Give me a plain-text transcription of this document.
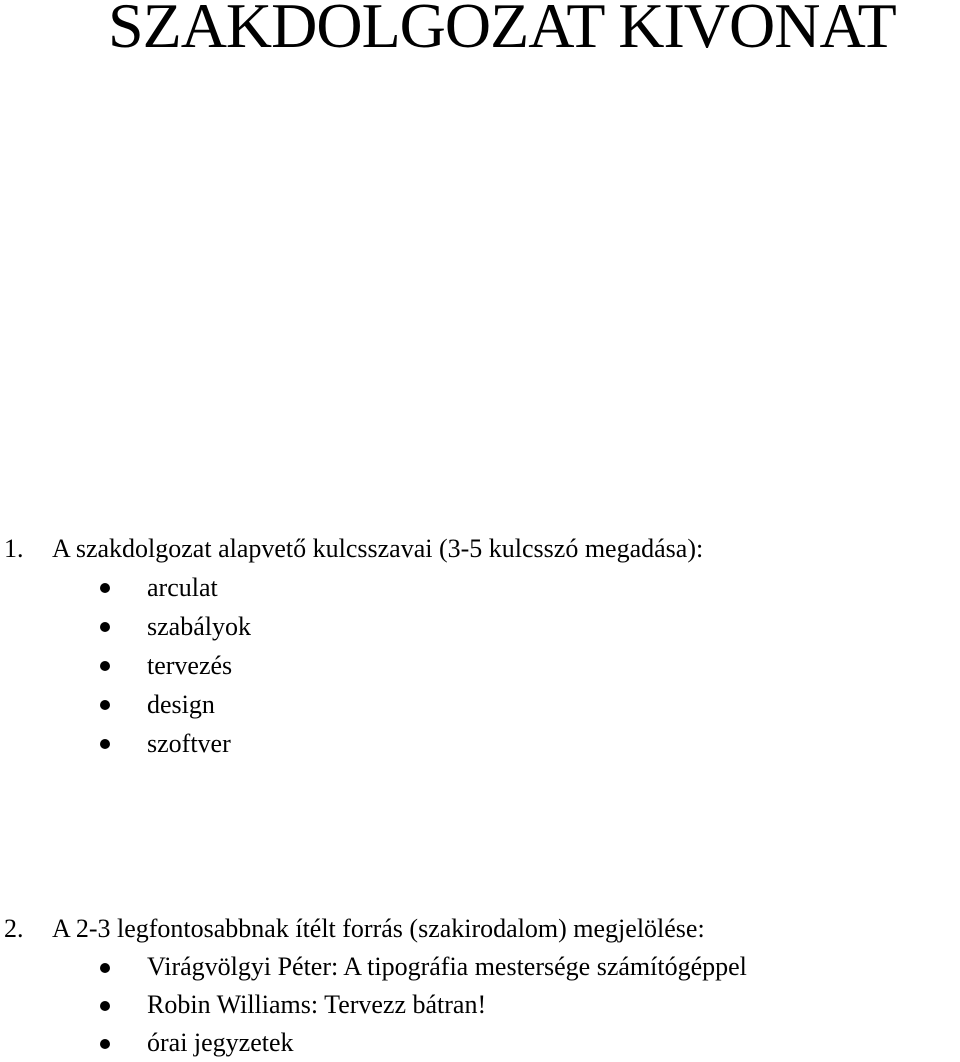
SZAKDOLGOZAT KIVONAT
1. A szakdolgozat alapvető kulcsszavai (3-5 kulcsszó megadása):
arculat
szabályok
tervezés
design
szoftver
2. A 2-3 legfontosabbnak ítélt forrás (szakirodalom) megjelölése:
Virágvölgyi Péter: A tipográfia mestersége számítógéppel
Robin Williams: Tervezz bátran!
órai jegyzetek
